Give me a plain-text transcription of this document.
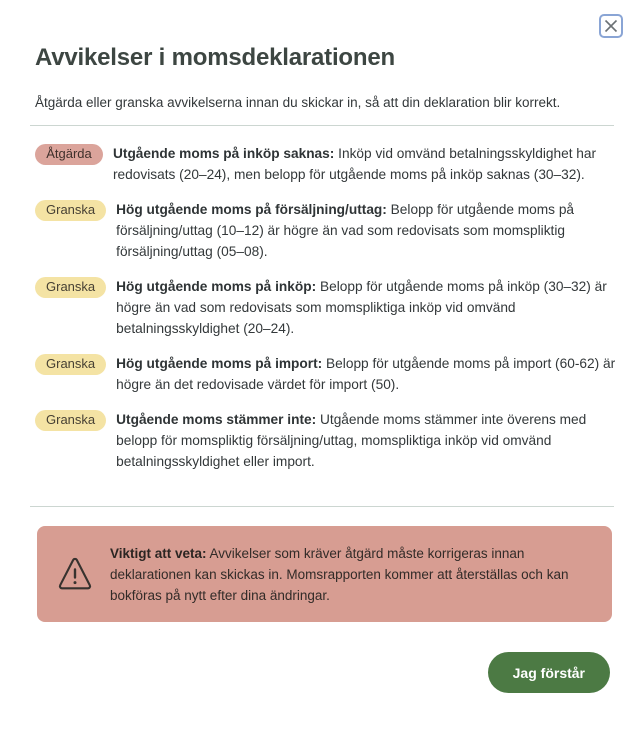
Avvikelser i momsdeklarationen

Åtgärda eller granska avvikelserna innan du skickar in, så att din deklaration blir korrekt.

Åtgärda	Utgående moms på inköp saknas: Inköp vid omvänd betalningsskyldighet har redovisats (20–24), men belopp för utgående moms på inköp saknas (30–32).
Granska	Hög utgående moms på försäljning/uttag: Belopp för utgående moms på försäljning/uttag (10–12) är högre än vad som redovisats som momspliktig försäljning/uttag (05–08).
Granska	Hög utgående moms på inköp: Belopp för utgående moms på inköp (30–32) är högre än vad som redovisats som momspliktiga inköp vid omvänd betalningsskyldighet (20–24).
Granska	Hög utgående moms på import: Belopp för utgående moms på import (60-62) är högre än det redovisade värdet för import (50).
Granska	Utgående moms stämmer inte: Utgående moms stämmer inte överens med belopp för momspliktig försäljning/uttag, momspliktiga inköp vid omvänd betalningsskyldighet eller import.
Viktigt att veta: Avvikelser som kräver åtgärd måste korrigeras innan deklarationen kan skickas in. Momsrapporten kommer att återställas och kan bokföras på nytt efter dina ändringar.
Jag förstår
